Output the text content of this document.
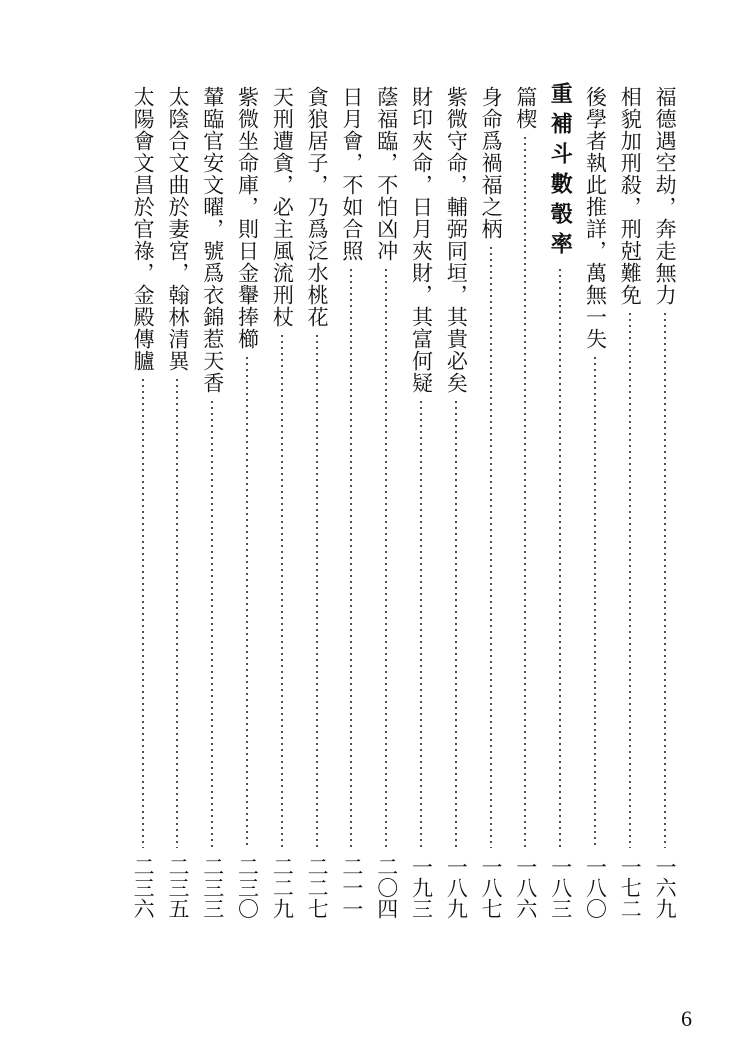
福德遇空劫，奔走無力
一六九
相貌加刑殺，刑尅難免
一七二
後學者執此推詳，萬無一失
一八〇
重補斗數彀率
一八三
篇楔
一八六
身命爲禍福之柄
一八七
紫微守命，輔弼同垣，其貴必矣
一八九
財印夾命，日月夾財，其富何疑
一九三
蔭福臨，不怕凶冲
二〇四
日月會，不如合照
二一一
貪狼居子，乃爲泛水桃花
二二七
天刑遭貪，必主風流刑杖
二二九
紫微坐命庫，則日金轝捧櫛
二三〇
輦臨官安文曜，號爲衣錦惹天香
二三三
太陰合文曲於妻宮，翰林清異
二三五
太陽會文昌於官祿，金殿傳臚
二三六
6
